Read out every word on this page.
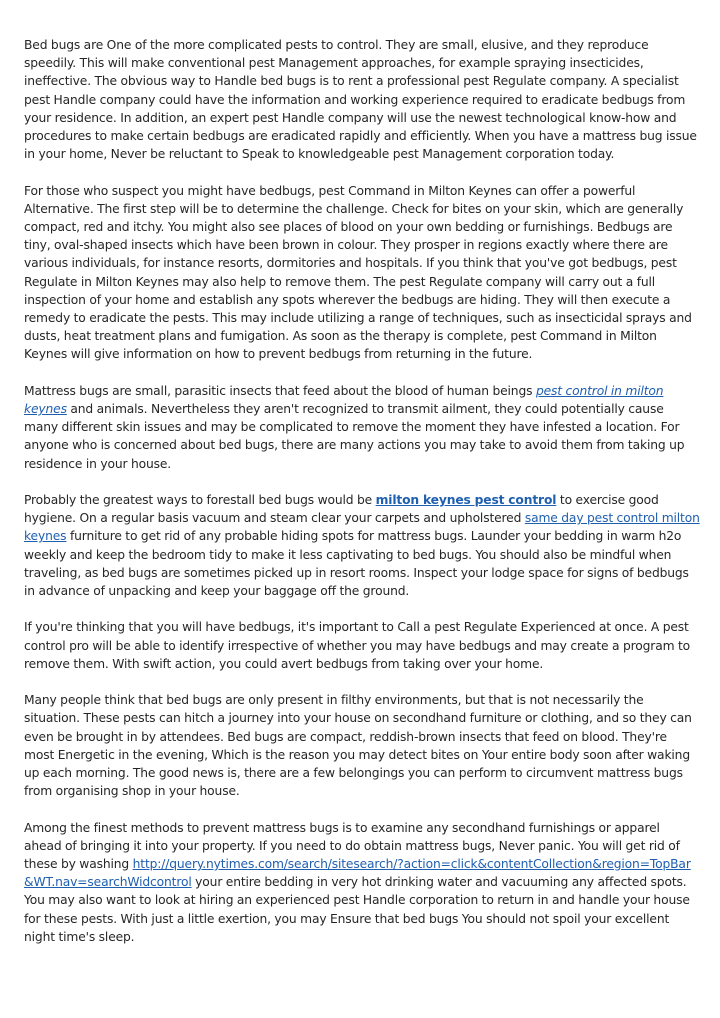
Bed bugs are One of the more complicated pests to control. They are small, elusive, and they reproduce speedily. This will make conventional pest Management approaches, for example spraying insecticides, ineffective. The obvious way to Handle bed bugs is to rent a professional pest Regulate company. A specialist pest Handle company could have the information and working experience required to eradicate bedbugs from your residence. In addition, an expert pest Handle company will use the newest technological know-how and procedures to make certain bedbugs are eradicated rapidly and efficiently. When you have a mattress bug issue in your home, Never be reluctant to Speak to knowledgeable pest Management corporation today.

For those who suspect you might have bedbugs, pest Command in Milton Keynes can offer a powerful Alternative. The first step will be to determine the challenge. Check for bites on your skin, which are generally compact, red and itchy. You might also see places of blood on your own bedding or furnishings. Bedbugs are tiny, oval-shaped insects which have been brown in colour. They prosper in regions exactly where there are various individuals, for instance resorts, dormitories and hospitals. If you think that you've got bedbugs, pest Regulate in Milton Keynes may also help to remove them. The pest Regulate company will carry out a full inspection of your home and establish any spots wherever the bedbugs are hiding. They will then execute a remedy to eradicate the pests. This may include utilizing a range of techniques, such as insecticidal sprays and dusts, heat treatment plans and fumigation. As soon as the therapy is complete, pest Command in Milton Keynes will give information on how to prevent bedbugs from returning in the future.

Mattress bugs are small, parasitic insects that feed about the blood of human beings pest control in milton keynes and animals. Nevertheless they aren't recognized to transmit ailment, they could potentially cause many different skin issues and may be complicated to remove the moment they have infested a location. For anyone who is concerned about bed bugs, there are many actions you may take to avoid them from taking up residence in your house.

Probably the greatest ways to forestall bed bugs would be milton keynes pest control to exercise good hygiene. On a regular basis vacuum and steam clear your carpets and upholstered same day pest control milton keynes furniture to get rid of any probable hiding spots for mattress bugs. Launder your bedding in warm h2o weekly and keep the bedroom tidy to make it less captivating to bed bugs. You should also be mindful when traveling, as bed bugs are sometimes picked up in resort rooms. Inspect your lodge space for signs of bedbugs in advance of unpacking and keep your baggage off the ground.

If you're thinking that you will have bedbugs, it's important to Call a pest Regulate Experienced at once. A pest control pro will be able to identify irrespective of whether you may have bedbugs and may create a program to remove them. With swift action, you could avert bedbugs from taking over your home.

Many people think that bed bugs are only present in filthy environments, but that is not necessarily the situation. These pests can hitch a journey into your house on secondhand furniture or clothing, and so they can even be brought in by attendees. Bed bugs are compact, reddish-brown insects that feed on blood. They're most Energetic in the evening, Which is the reason you may detect bites on Your entire body soon after waking up each morning. The good news is, there are a few belongings you can perform to circumvent mattress bugs from organising shop in your house.

Among the finest methods to prevent mattress bugs is to examine any secondhand furnishings or apparel ahead of bringing it into your property. If you need to do obtain mattress bugs, Never panic. You will get rid of these by washing http://query.nytimes.com/search/sitesearch/?action=click&contentCollection&region=TopBar&WT.nav=searchWidcontrol your entire bedding in very hot drinking water and vacuuming any affected spots. You may also want to look at hiring an experienced pest Handle corporation to return in and handle your house for these pests. With just a little exertion, you may Ensure that bed bugs You should not spoil your excellent night time's sleep.
